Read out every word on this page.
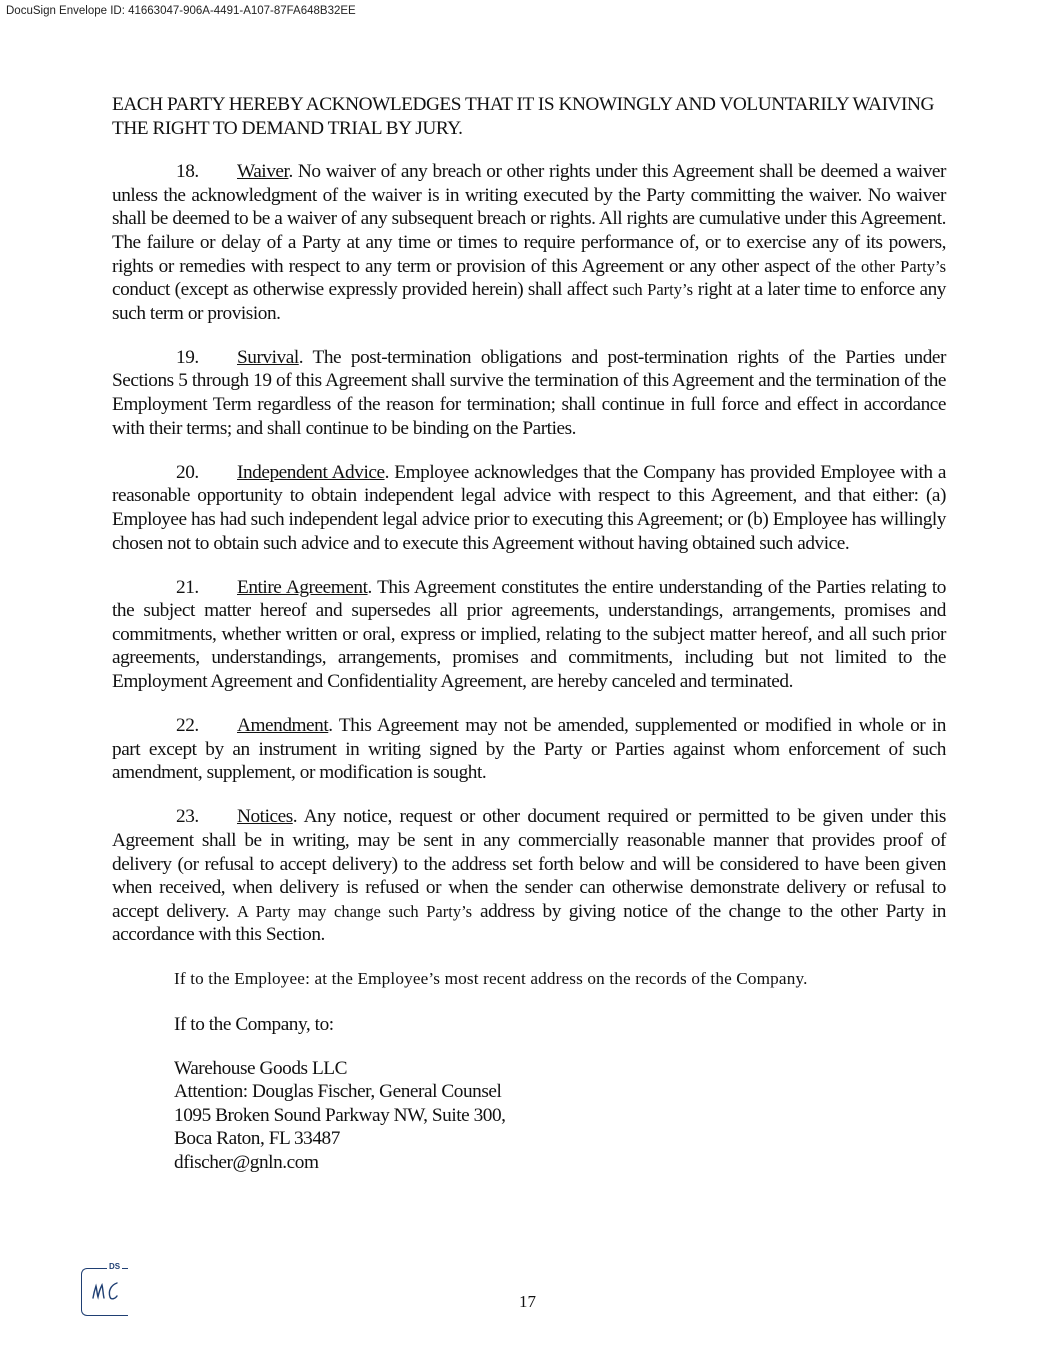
DocuSign Envelope ID: 41663047-906A-4491-A107-87FA648B32EE

EACH PARTY HEREBY ACKNOWLEDGES THAT IT IS KNOWINGLY AND VOLUNTARILY WAIVING THE RIGHT TO DEMAND TRIAL BY JURY.

18. Waiver. No waiver of any breach or other rights under this Agreement shall be deemed a waiver unless the acknowledgment of the waiver is in writing executed by the Party committing the waiver. No waiver shall be deemed to be a waiver of any subsequent breach or rights. All rights are cumulative under this Agreement. The failure or delay of a Party at any time or times to require performance of, or to exercise any of its powers, rights or remedies with respect to any term or provision of this Agreement or any other aspect of the other Party’s conduct (except as otherwise expressly provided herein) shall affect such Party’s right at a later time to enforce any such term or provision.

19. Survival. The post-termination obligations and post-termination rights of the Parties under Sections 5 through 19 of this Agreement shall survive the termination of this Agreement and the termination of the Employment Term regardless of the reason for termination; shall continue in full force and effect in accordance with their terms; and shall continue to be binding on the Parties.

20. Independent Advice. Employee acknowledges that the Company has provided Employee with a reasonable opportunity to obtain independent legal advice with respect to this Agreement, and that either: (a) Employee has had such independent legal advice prior to executing this Agreement; or (b) Employee has willingly chosen not to obtain such advice and to execute this Agreement without having obtained such advice.

21. Entire Agreement. This Agreement constitutes the entire understanding of the Parties relating to the subject matter hereof and supersedes all prior agreements, understandings, arrangements, promises and commitments, whether written or oral, express or implied, relating to the subject matter hereof, and all such prior agreements, understandings, arrangements, promises and commitments, including but not limited to the Employment Agreement and Confidentiality Agreement, are hereby canceled and terminated.

22. Amendment. This Agreement may not be amended, supplemented or modified in whole or in part except by an instrument in writing signed by the Party or Parties against whom enforcement of such amendment, supplement, or modification is sought.

23. Notices. Any notice, request or other document required or permitted to be given under this Agreement shall be in writing, may be sent in any commercially reasonable manner that provides proof of delivery (or refusal to accept delivery) to the address set forth below and will be considered to have been given when received, when delivery is refused or when the sender can otherwise demonstrate delivery or refusal to accept delivery. A Party may change such Party’s address by giving notice of the change to the other Party in accordance with this Section.

If to the Employee: at the Employee’s most recent address on the records of the Company.

If to the Company, to:

Warehouse Goods LLC
Attention: Douglas Fischer, General Counsel
1095 Broken Sound Parkway NW, Suite 300,
Boca Raton, FL 33487
dfischer@gnln.com
DS
17
